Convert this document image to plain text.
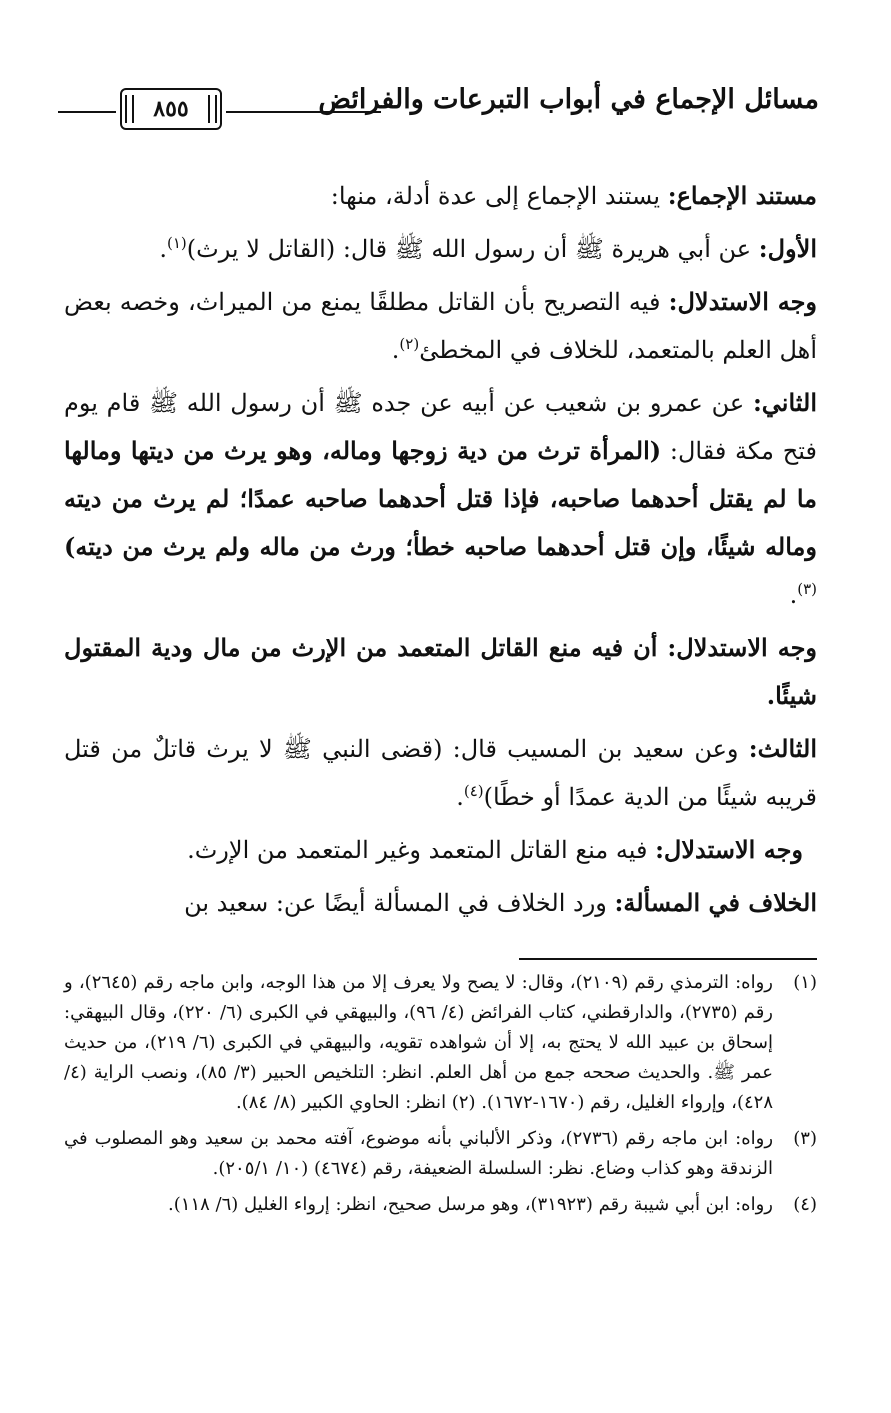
مسائل الإجماع في أبواب التبرعات والفرائض
٨٥٥

مستند الإجماع: يستند الإجماع إلى عدة أدلة، منها:

الأول: عن أبي هريرة ﷺ أن رسول الله ﷺ قال: (القاتل لا يرث)$^{(١)}$.

وجه الاستدلال: فيه التصريح بأن القاتل مطلقًا يمنع من الميراث، وخصه بعض أهل العلم بالمتعمد، للخلاف في المخطئ$^{(٢)}$.

الثاني: عن عمرو بن شعيب عن أبيه عن جده ﷺ أن رسول الله ﷺ قام يوم فتح مكة فقال: (المرأة ترث من دية زوجها وماله، وهو يرث من ديتها ومالها ما لم يقتل أحدهما صاحبه، فإذا قتل أحدهما صاحبه عمدًا؛ لم يرث من ديته وماله شيئًا، وإن قتل أحدهما صاحبه خطأ؛ ورث من ماله ولم يرث من ديته)$^{(٣)}$.

وجه الاستدلال: أن فيه منع القاتل المتعمد من الإرث من مال ودية المقتول شيئًا.

الثالث: وعن سعيد بن المسيب قال: (قضى النبي ﷺ لا يرث قاتلٌ من قتل قريبه شيئًا من الدية عمدًا أو خطًا)$^{(٤)}$.

وجه الاستدلال: فيه منع القاتل المتعمد وغير المتعمد من الإرث.

الخلاف في المسألة: ورد الخلاف في المسألة أيضًا عن: سعيد بن

(١)
رواه: الترمذي رقم (٢١٠٩)، وقال: لا يصح ولا يعرف إلا من هذا الوجه، وابن ماجه رقم (٢٦٤٥)، و رقم (٢٧٣٥)، والدارقطني، كتاب الفرائض (٤/ ٩٦)، والبيهقي في الكبرى (٦/ ٢٢٠)، وقال البيهقي: إسحاق بن عبيد الله لا يحتج به، إلا أن شواهده تقويه، والبيهقي في الكبرى (٦/ ٢١٩)، من حديث عمر ﷺ. والحديث صححه جمع من أهل العلم. انظر: التلخيص الحبير (٣/ ٨٥)، ونصب الراية (٤/ ٤٢٨)، وإرواء الغليل، رقم (١٦٧٠-١٦٧٢). (٢) انظر: الحاوي الكبير (٨/ ٨٤).
(٣)
رواه: ابن ماجه رقم (٢٧٣٦)، وذكر الألباني بأنه موضوع، آفته محمد بن سعيد وهو المصلوب في الزندقة وهو كذاب وضاع. نظر: السلسلة الضعيفة، رقم (٤٦٧٤) (١٠/ ٢٠٥/١).
(٤)
رواه: ابن أبي شيبة رقم (٣١٩٢٣)، وهو مرسل صحيح، انظر: إرواء الغليل (٦/ ١١٨).
